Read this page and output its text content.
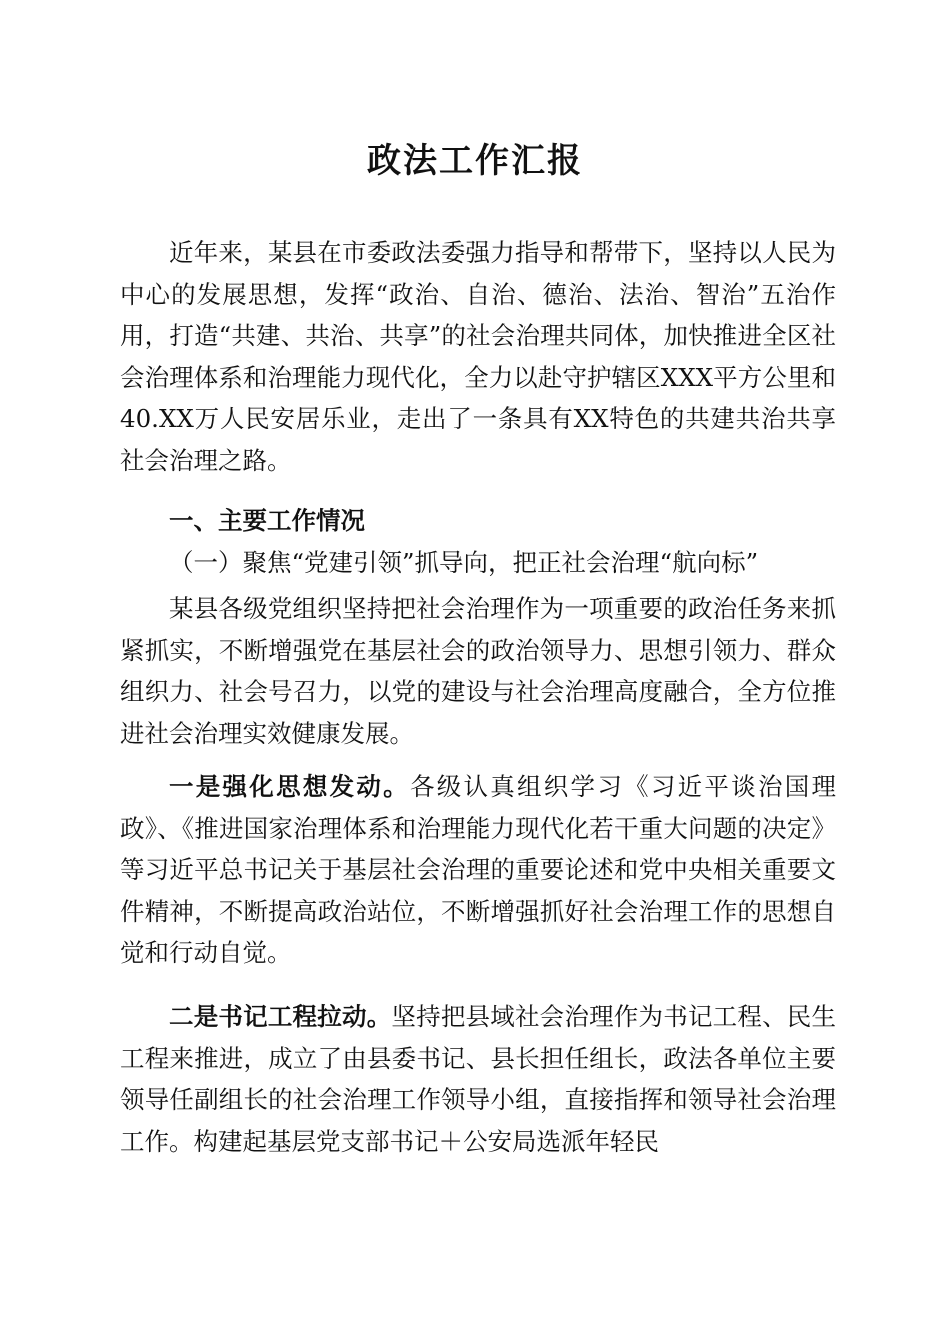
政法工作汇报

近年来，某县在市委政法委强力指导和帮带下，坚持以人民为中心的发展思想，发挥“政治、自治、德治、法治、智治”五治作用，打造“共建、共治、共享”的社会治理共同体，加快推进全区社会治理体系和治理能力现代化，全力以赴守护辖区XXX平方公里和40.XX万人民安居乐业，走出了一条具有XX特色的共建共治共享社会治理之路。

一、主要工作情况

（一）聚焦“党建引领”抓导向，把正社会治理“航向标”

某县各级党组织坚持把社会治理作为一项重要的政治任务来抓紧抓实，不断增强党在基层社会的政治领导力、思想引领力、群众组织力、社会号召力，以党的建设与社会治理高度融合，全方位推进社会治理实效健康发展。

一是强化思想发动。各级认真组织学习《习近平谈治国理政》、《推进国家治理体系和治理能力现代化若干重大问题的决定》等习近平总书记关于基层社会治理的重要论述和党中央相关重要文件精神，不断提高政治站位，不断增强抓好社会治理工作的思想自觉和行动自觉。

二是书记工程拉动。坚持把县域社会治理作为书记工程、民生工程来推进，成立了由县委书记、县长担任组长，政法各单位主要领导任副组长的社会治理工作领导小组，直接指挥和领导社会治理工作。构建起基层党支部书记＋公安局选派年轻民
